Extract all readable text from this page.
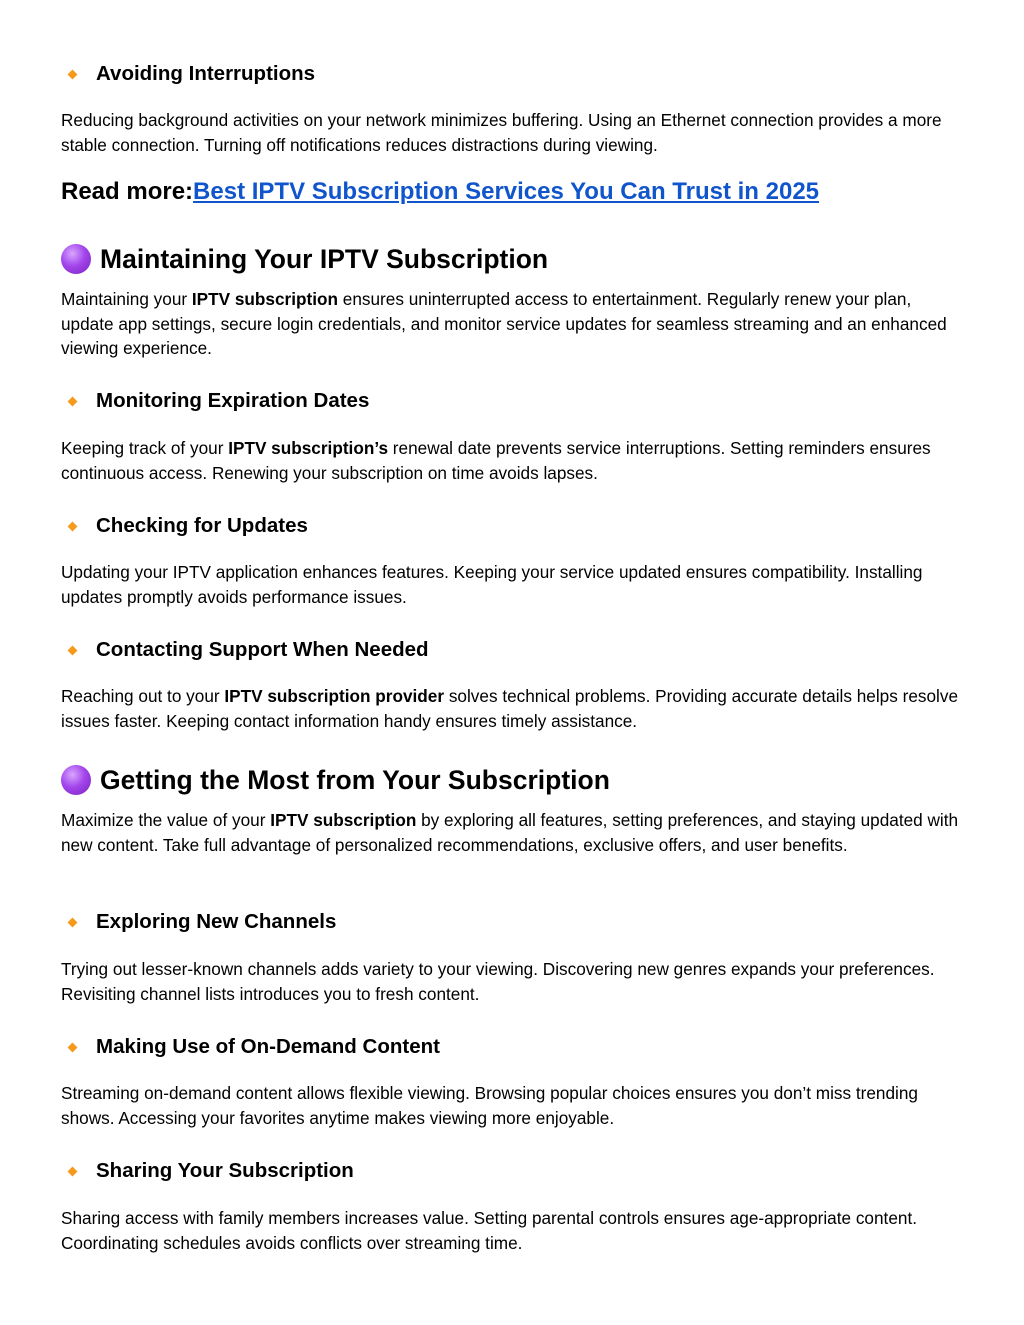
Avoiding Interruptions
Reducing background activities on your network minimizes buffering. Using an Ethernet connection provides a more stable connection. Turning off notifications reduces distractions during viewing.
Read more:Best IPTV Subscription Services You Can Trust in 2025
Maintaining Your IPTV Subscription
Maintaining your IPTV subscription ensures uninterrupted access to entertainment. Regularly renew your plan, update app settings, secure login credentials, and monitor service updates for seamless streaming and an enhanced viewing experience.
Monitoring Expiration Dates
Keeping track of your IPTV subscription’s renewal date prevents service interruptions. Setting reminders ensures continuous access. Renewing your subscription on time avoids lapses.
Checking for Updates
Updating your IPTV application enhances features. Keeping your service updated ensures compatibility. Installing updates promptly avoids performance issues.
Contacting Support When Needed
Reaching out to your IPTV subscription provider solves technical problems. Providing accurate details helps resolve issues faster. Keeping contact information handy ensures timely assistance.
Getting the Most from Your Subscription
Maximize the value of your IPTV subscription by exploring all features, setting preferences, and staying updated with new content. Take full advantage of personalized recommendations, exclusive offers, and user benefits.
Exploring New Channels
Trying out lesser-known channels adds variety to your viewing. Discovering new genres expands your preferences. Revisiting channel lists introduces you to fresh content.
Making Use of On-Demand Content
Streaming on-demand content allows flexible viewing. Browsing popular choices ensures you don’t miss trending shows. Accessing your favorites anytime makes viewing more enjoyable.
Sharing Your Subscription
Sharing access with family members increases value. Setting parental controls ensures age-appropriate content. Coordinating schedules avoids conflicts over streaming time.
